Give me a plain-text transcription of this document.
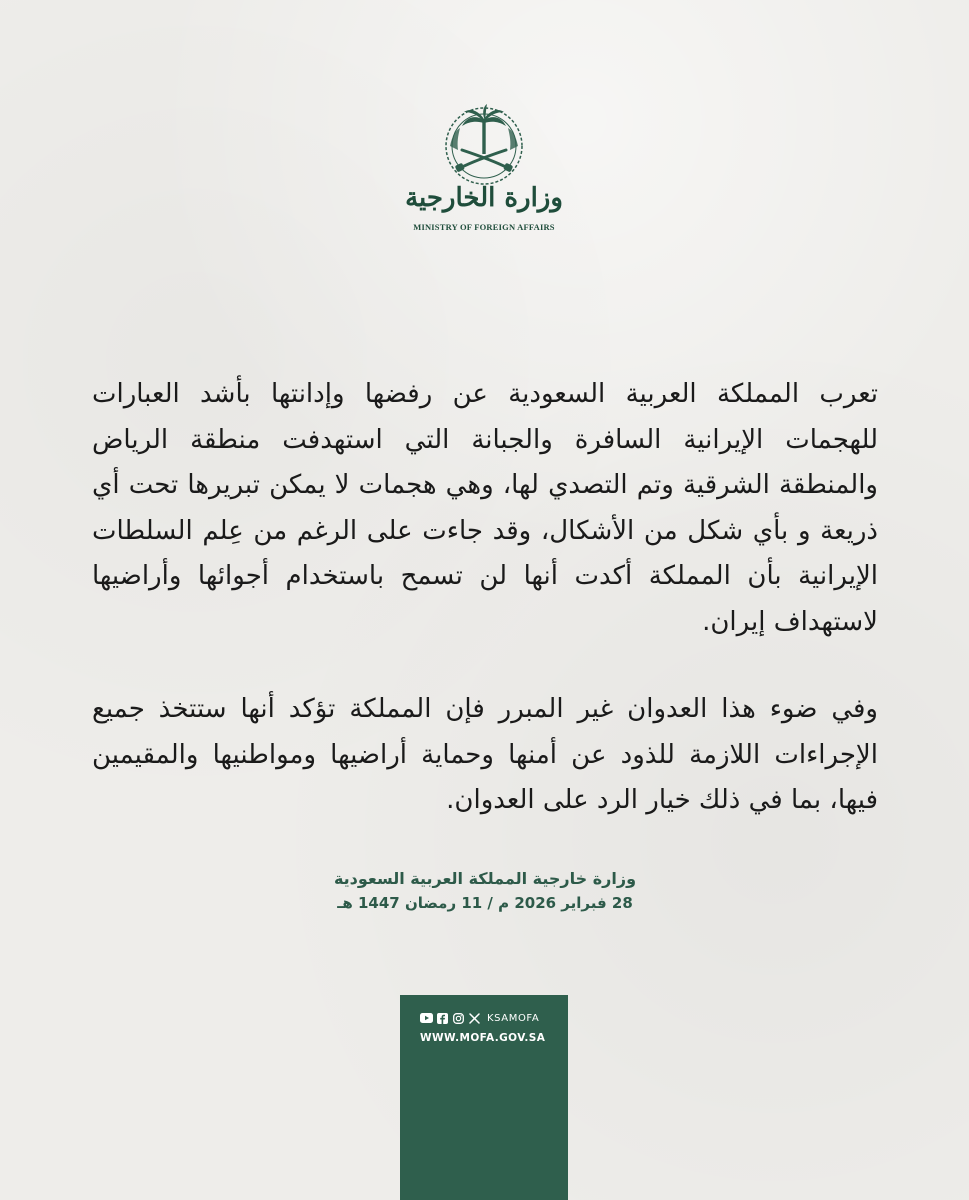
وزارة الخارجية
MINISTRY OF FOREIGN AFFAIRS

تعرب المملكة العربية السعودية عن رفضها وإدانتها بأشد العبارات للهجمات الإيرانية السافرة والجبانة التي استهدفت منطقة الرياض والمنطقة الشرقية وتم التصدي لها، وهي هجمات لا يمكن تبريرها تحت أي ذريعة و بأي شكل من الأشكال، وقد جاءت على الرغم من عِلم السلطات الإيرانية بأن المملكة أكدت أنها لن تسمح باستخدام أجوائها وأراضيها لاستهداف إيران.

وفي ضوء هذا العدوان غير المبرر فإن المملكة تؤكد أنها ستتخذ جميع الإجراءات اللازمة للذود عن أمنها وحماية أراضيها ومواطنيها والمقيمين فيها، بما في ذلك خيار الرد على العدوان.

وزارة خارجية المملكة العربية السعودية
28 فبراير 2026 م / 11 رمضان 1447 هـ
KSAMOFA
WWW.MOFA.GOV.SA
